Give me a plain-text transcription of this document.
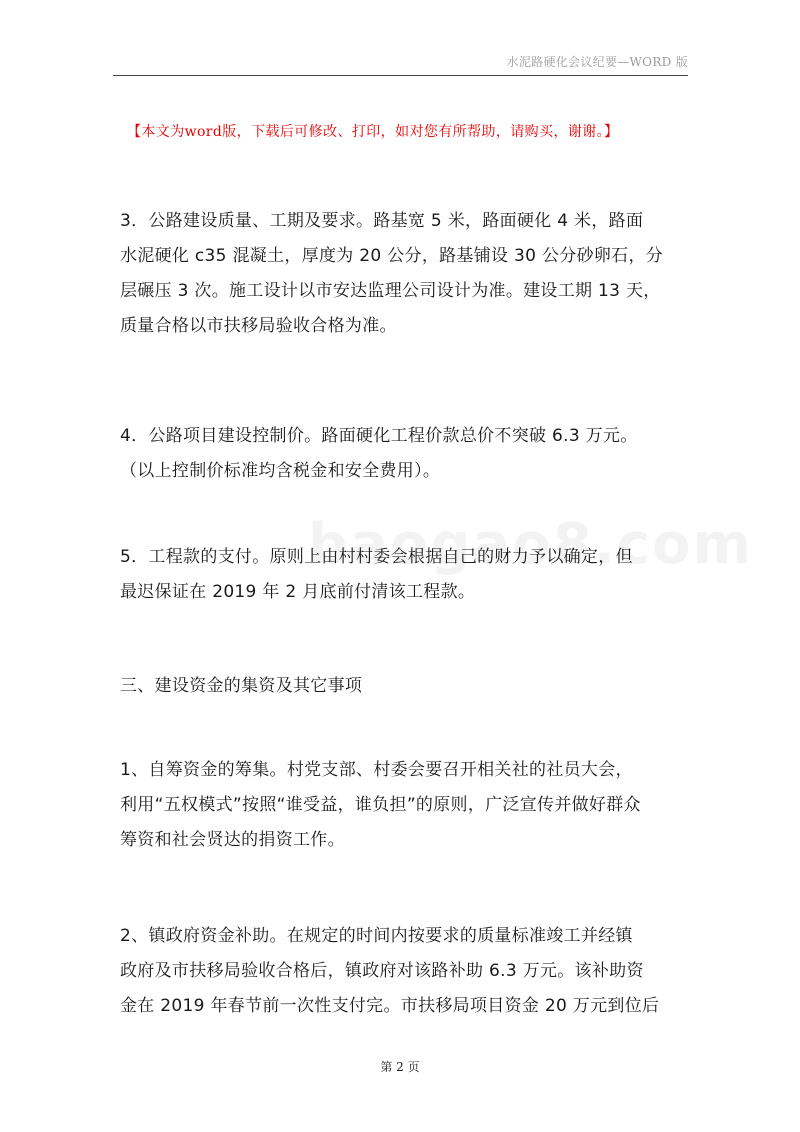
水泥路硬化会议纪要—WORD 版
【本文为word版，下载后可修改、打印，如对您有所帮助，请购买，谢谢。】

3．公路建设质量、工期及要求。路基宽 5 米，路面硬化 4 米，路面
水泥硬化 c35 混凝土，厚度为 20 公分，路基铺设 30 公分砂卵石，分
层碾压 3 次。施工设计以市安达监理公司设计为准。建设工期 13 天，
质量合格以市扶移局验收合格为准。

4．公路项目建设控制价。路面硬化工程价款总价不突破 6.3 万元。
（以上控制价标准均含税金和安全费用）。

5．工程款的支付。原则上由村村委会根据自己的财力予以确定，但
最迟保证在 2019 年 2 月底前付清该工程款。

三、建设资金的集资及其它事项

1、自筹资金的筹集。村党支部、村委会要召开相关社的社员大会，
利用“五权模式”按照“谁受益，谁负担”的原则，广泛宣传并做好群众
筹资和社会贤达的捐资工作。

2、镇政府资金补助。在规定的时间内按要求的质量标准竣工并经镇
政府及市扶移局验收合格后，镇政府对该路补助 6.3 万元。该补助资
金在 2019 年春节前一次性支付完。市扶移局项目资金 20 万元到位后

第 2 页
